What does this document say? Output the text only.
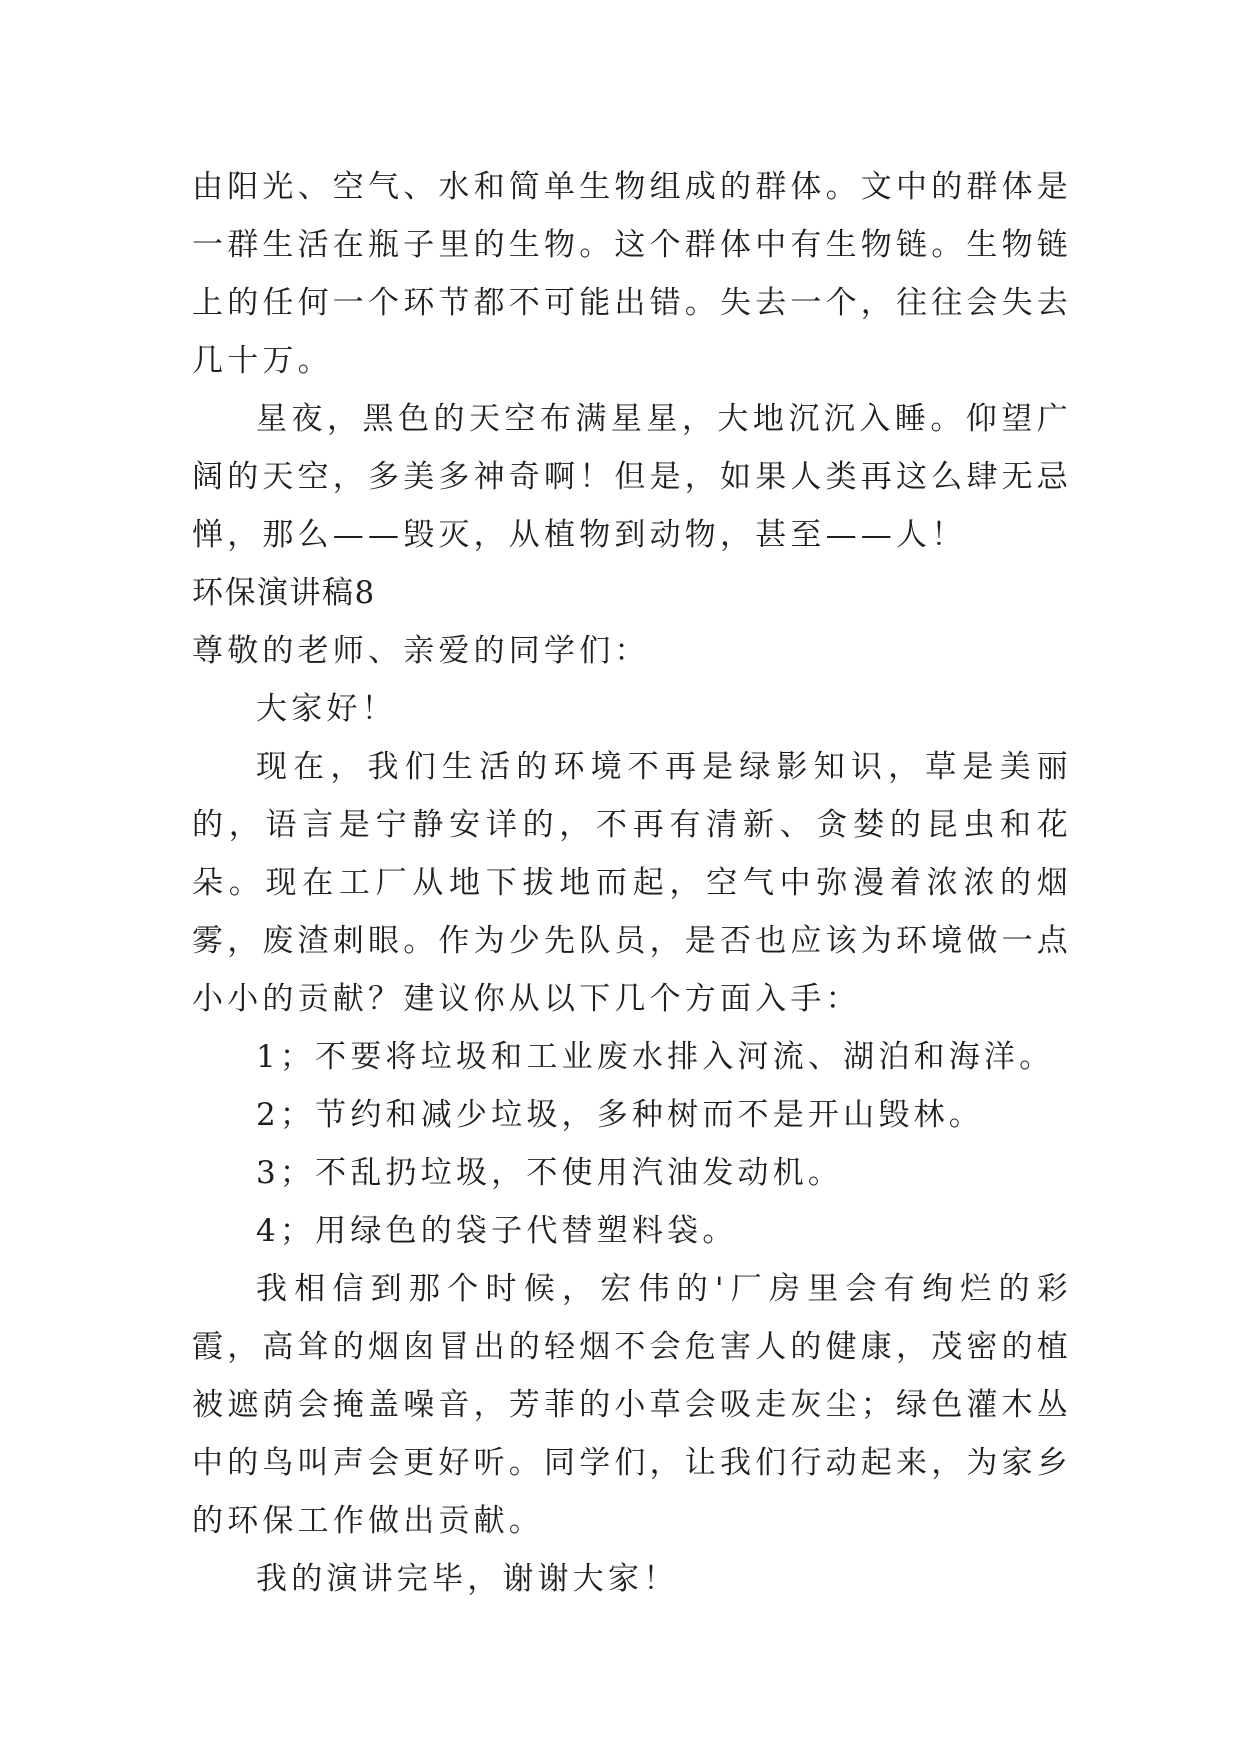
由阳光、空气、水和简单生物组成的群体。文中的群体是一群生活在瓶子里的生物。这个群体中有生物链。生物链上的任何一个环节都不可能出错。失去一个，往往会失去几十万。

星夜，黑色的天空布满星星，大地沉沉入睡。仰望广阔的天空，多美多神奇啊！但是，如果人类再这么肆无忌惮，那么——毁灭，从植物到动物，甚至——人！

环保演讲稿8

尊敬的老师、亲爱的同学们：

大家好！

现在，我们生活的环境不再是绿影知识，草是美丽的，语言是宁静安详的，不再有清新、贪婪的昆虫和花朵。现在工厂从地下拔地而起，空气中弥漫着浓浓的烟雾，废渣刺眼。作为少先队员，是否也应该为环境做一点小小的贡献？建议你从以下几个方面入手：

1；不要将垃圾和工业废水排入河流、湖泊和海洋。

2；节约和减少垃圾，多种树而不是开山毁林。

3；不乱扔垃圾，不使用汽油发动机。

4；用绿色的袋子代替塑料袋。

我相信到那个时候，宏伟的'厂房里会有绚烂的彩霞，高耸的烟囱冒出的轻烟不会危害人的健康，茂密的植被遮荫会掩盖噪音，芳菲的小草会吸走灰尘；绿色灌木丛中的鸟叫声会更好听。同学们，让我们行动起来，为家乡的环保工作做出贡献。

我的演讲完毕，谢谢大家！
